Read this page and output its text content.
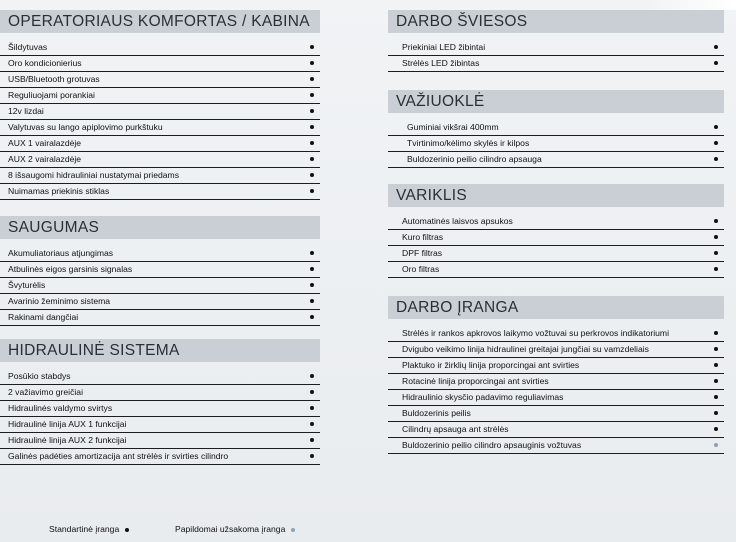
OPERATORIAUS KOMFORTAS / KABINA
Šildytuvas
Oro kondicionierius
USB/Bluetooth grotuvas
Reguliuojami porankiai
12v lizdai
Valytuvas su lango apiplovimo purkštuku
AUX 1 vairalazdėje
AUX 2 vairalazdėje
8 išsaugomi hidrauliniai nustatymai priedams
Nuimamas priekinis stiklas
SAUGUMAS
Akumuliatoriaus atjungimas
Atbulinės eigos garsinis signalas
Švyturėlis
Avarinio žeminimo sistema
Rakinami dangčiai
HIDRAULINĖ SISTEMA
Posūkio stabdys
2 važiavimo greičiai
Hidraulinės valdymo svirtys
Hidraulinė linija AUX 1 funkcijai
Hidraulinė linija AUX 2 funkcijai
Galinės padėties amortizacija ant strėlės ir svirties cilindro
DARBO ŠVIESOS
Priekiniai LED žibintai
Strėlės LED žibintas
VAŽIUOKLĖ
Guminiai vikšrai 400mm
Tvirtinimo/kėlimo skylės ir kilpos
Buldozerinio peilio cilindro apsauga
VARIKLIS
Automatinės laisvos apsukos
Kuro filtras
DPF filtras
Oro filtras
DARBO ĮRANGA
Strėlės ir rankos apkrovos laikymo vožtuvai su perkrovos indikatoriumi
Dvigubo veikimo linija hidraulinei greitajai jungčiai su vamzdeliais
Plaktuko ir žirklių linija proporcingai ant svirties
Rotacinė linija proporcingai ant svirties
Hidraulinio skysčio padavimo reguliavimas
Buldozerinis peilis
Cilindrų apsauga ant strėlės
Buldozerinio peilio cilindro apsauginis vožtuvas
Standartinė įranga	Papildomai užsakoma įranga
